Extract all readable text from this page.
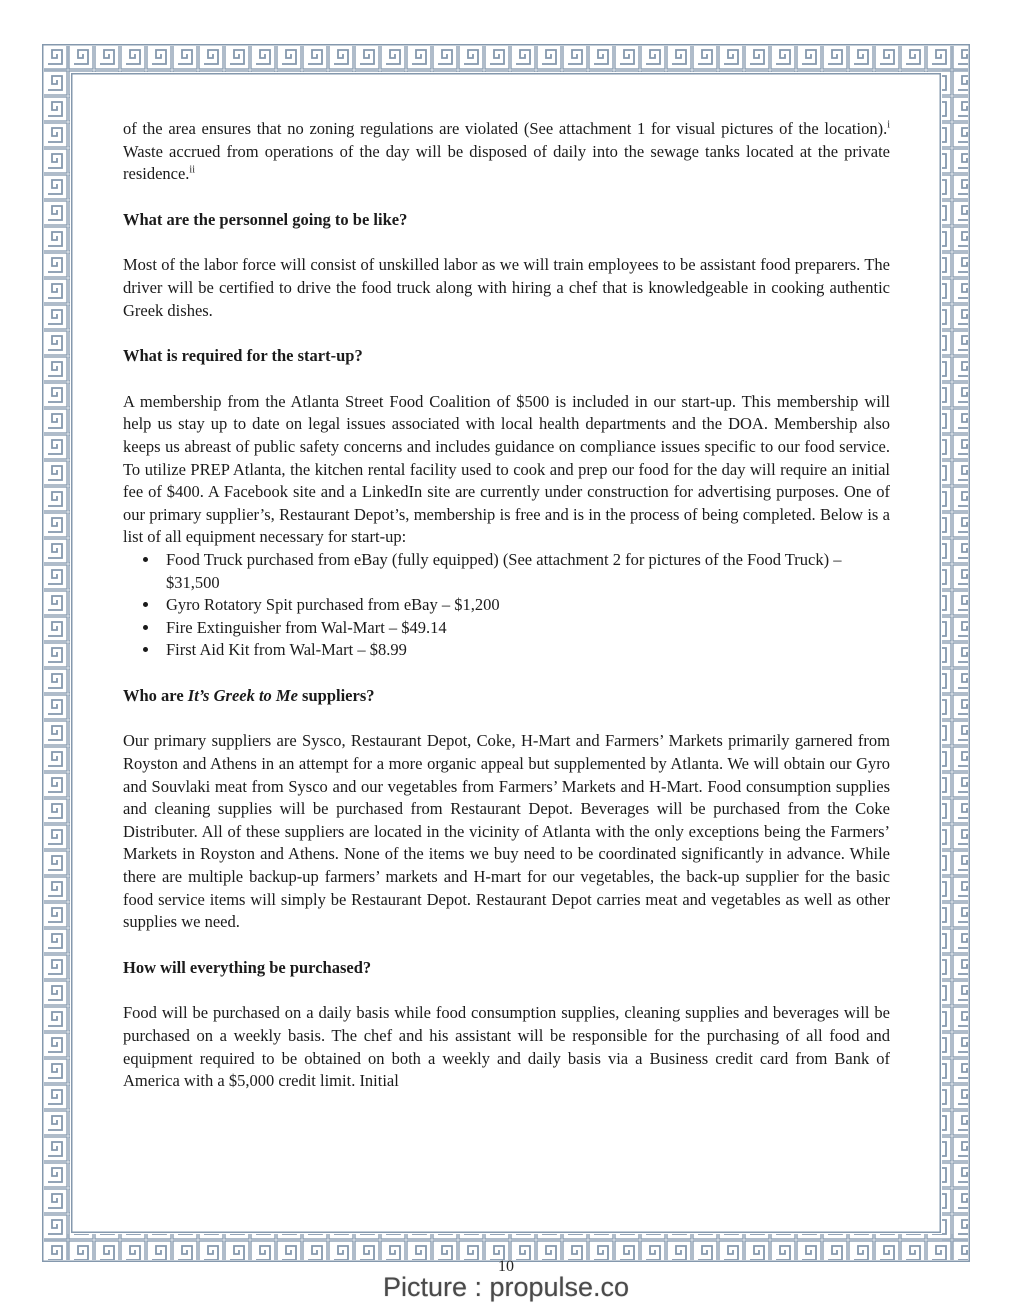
of the area ensures that no zoning regulations are violated (See attachment 1 for visual pictures of the location).$^i$ Waste accrued from operations of the day will be disposed of daily into the sewage tanks located at the private residence.$^{ii}$

What are the personnel going to be like?

Most of the labor force will consist of unskilled labor as we will train employees to be assistant food preparers. The driver will be certified to drive the food truck along with hiring a chef that is knowledgeable in cooking authentic Greek dishes.

What is required for the start-up?

A membership from the Atlanta Street Food Coalition of $500 is included in our start-up. This membership will help us stay up to date on legal issues associated with local health departments and the DOA. Membership also keeps us abreast of public safety concerns and includes guidance on compliance issues specific to our food service. To utilize PREP Atlanta, the kitchen rental facility used to cook and prep our food for the day will require an initial fee of $400. A Facebook site and a LinkedIn site are currently under construction for advertising purposes. One of our primary supplier’s, Restaurant Depot’s, membership is free and is in the process of being completed. Below is a list of all equipment necessary for start-up:

• Food Truck purchased from eBay (fully equipped) (See attachment 2 for pictures of the Food Truck) – $31,500
• Gyro Rotatory Spit purchased from eBay – $1,200
• Fire Extinguisher from Wal-Mart – $49.14
• First Aid Kit from Wal-Mart – $8.99
Who are It’s Greek to Me suppliers?

Our primary suppliers are Sysco, Restaurant Depot, Coke, H-Mart and Farmers’ Markets primarily garnered from Royston and Athens in an attempt for a more organic appeal but supplemented by Atlanta. We will obtain our Gyro and Souvlaki meat from Sysco and our vegetables from Farmers’ Markets and H-Mart. Food consumption supplies and cleaning supplies will be purchased from Restaurant Depot. Beverages will be purchased from the Coke Distributer. All of these suppliers are located in the vicinity of Atlanta with the only exceptions being the Farmers’ Markets in Royston and Athens. None of the items we buy need to be coordinated significantly in advance. While there are multiple backup-up farmers’ markets and H-mart for our vegetables, the back-up supplier for the basic food service items will simply be Restaurant Depot. Restaurant Depot carries meat and vegetables as well as other supplies we need.

How will everything be purchased?

Food will be purchased on a daily basis while food consumption supplies, cleaning supplies and beverages will be purchased on a weekly basis. The chef and his assistant will be responsible for the purchasing of all food and equipment required to be obtained on both a weekly and daily basis via a Business credit card from Bank of America with a $5,000 credit limit. Initial

10
Picture : propulse.co
